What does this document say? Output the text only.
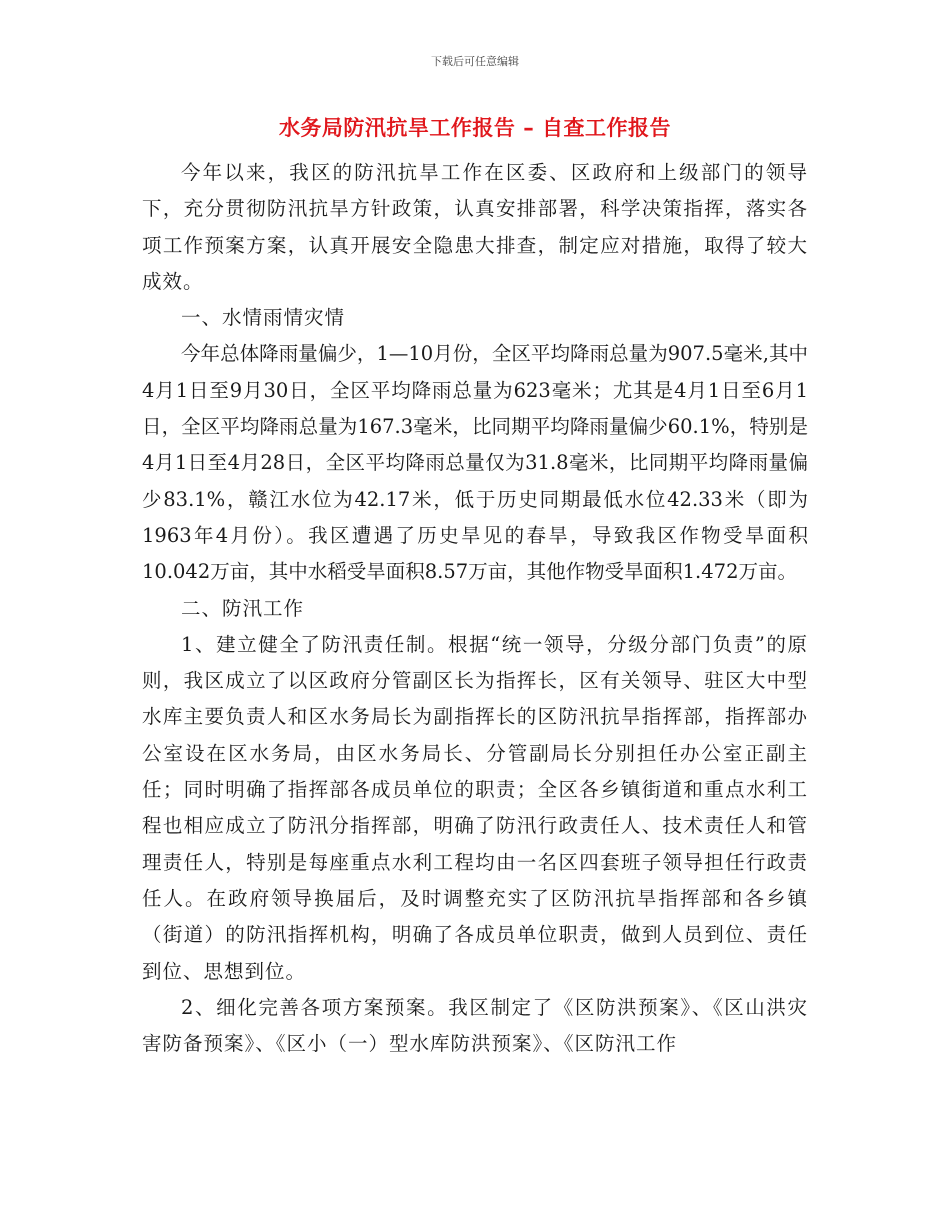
下载后可任意编辑
水务局防汛抗旱工作报告 – 自查工作报告

今年以来，我区的防汛抗旱工作在区委、区政府和上级部门的领导下，充分贯彻防汛抗旱方针政策，认真安排部署，科学决策指挥，落实各项工作预案方案，认真开展安全隐患大排查，制定应对措施，取得了较大成效。

一、水情雨情灾情

今年总体降雨量偏少，1—10月份，全区平均降雨总量为907.5毫米,其中4月1日至9月30日，全区平均降雨总量为623毫米；尤其是4月1日至6月1日，全区平均降雨总量为167.3毫米，比同期平均降雨量偏少60.1%，特别是4月1日至4月28日，全区平均降雨总量仅为31.8毫米，比同期平均降雨量偏少83.1%，赣江水位为42.17米，低于历史同期最低水位42.33米（即为1963年4月份）。我区遭遇了历史旱见的春旱，导致我区作物受旱面积10.042万亩，其中水稻受旱面积8.57万亩，其他作物受旱面积1.472万亩。

二、防汛工作

1、建立健全了防汛责任制。根据“统一领导，分级分部门负责”的原则，我区成立了以区政府分管副区长为指挥长，区有关领导、驻区大中型水库主要负责人和区水务局长为副指挥长的区防汛抗旱指挥部，指挥部办公室设在区水务局，由区水务局长、分管副局长分别担任办公室正副主任；同时明确了指挥部各成员单位的职责；全区各乡镇街道和重点水利工程也相应成立了防汛分指挥部，明确了防汛行政责任人、技术责任人和管理责任人，特别是每座重点水利工程均由一名区四套班子领导担任行政责任人。在政府领导换届后，及时调整充实了区防汛抗旱指挥部和各乡镇（街道）的防汛指挥机构，明确了各成员单位职责，做到人员到位、责任到位、思想到位。

2、细化完善各项方案预案。我区制定了《区防洪预案》、《区山洪灾害防备预案》、《区小（一）型水库防洪预案》、《区防汛工作
